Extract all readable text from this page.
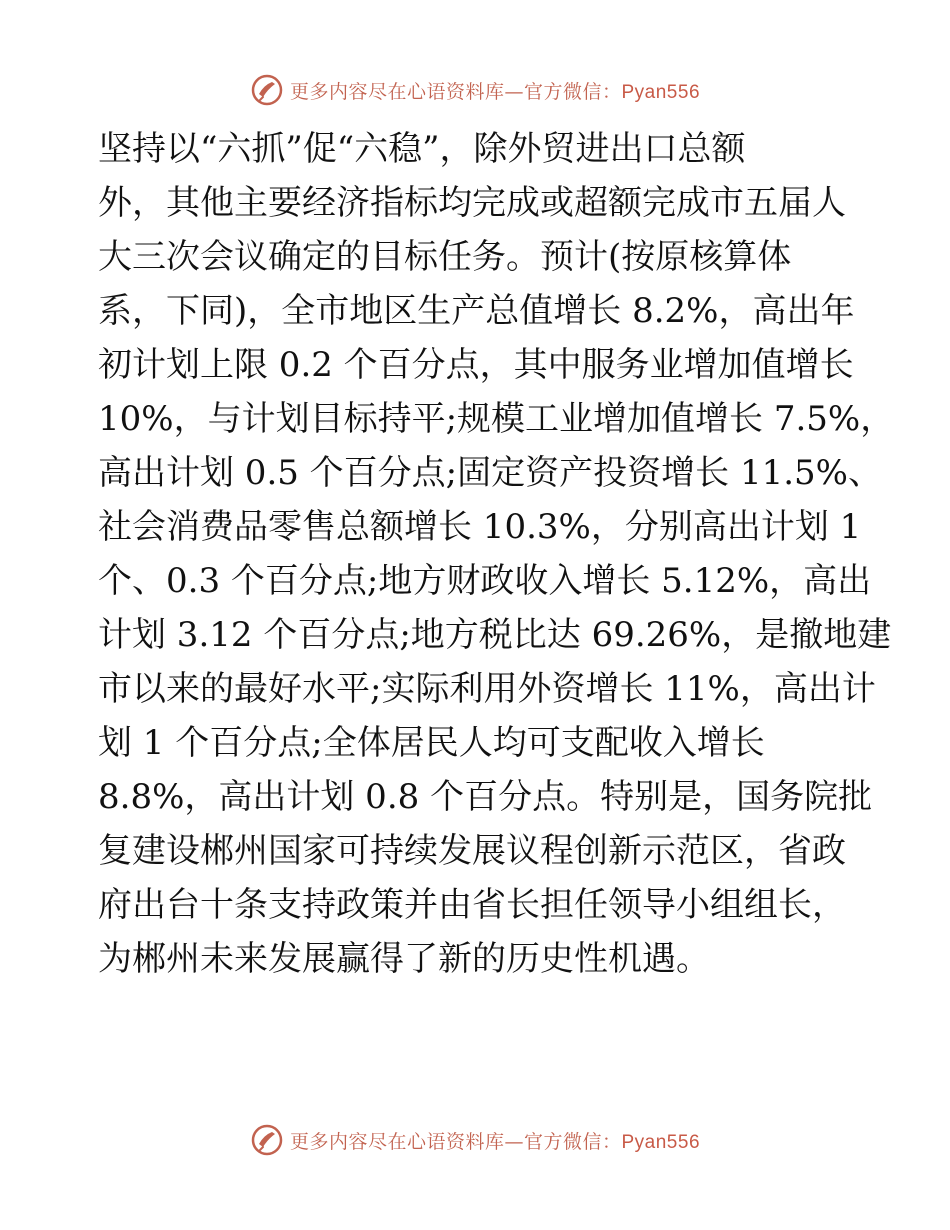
更多内容尽在心语资料库—官方微信：Pyan556
坚持以“六抓”促“六稳”，除外贸进出口总额
外，其他主要经济指标均完成或超额完成市五届人
大三次会议确定的目标任务。预计(按原核算体
系，下同)，全市地区生产总值增长 8.2%，高出年
初计划上限 0.2 个百分点，其中服务业增加值增长
10%，与计划目标持平;规模工业增加值增长 7.5%，
高出计划 0.5 个百分点;固定资产投资增长 11.5%、
社会消费品零售总额增长 10.3%，分别高出计划 1
个、0.3 个百分点;地方财政收入增长 5.12%，高出
计划 3.12 个百分点;地方税比达 69.26%，是撤地建
市以来的最好水平;实际利用外资增长 11%，高出计
划 1 个百分点;全体居民人均可支配收入增长
8.8%，高出计划 0.8 个百分点。特别是，国务院批
复建设郴州国家可持续发展议程创新示范区，省政
府出台十条支持政策并由省长担任领导小组组长，
为郴州未来发展赢得了新的历史性机遇。
更多内容尽在心语资料库—官方微信：Pyan556
